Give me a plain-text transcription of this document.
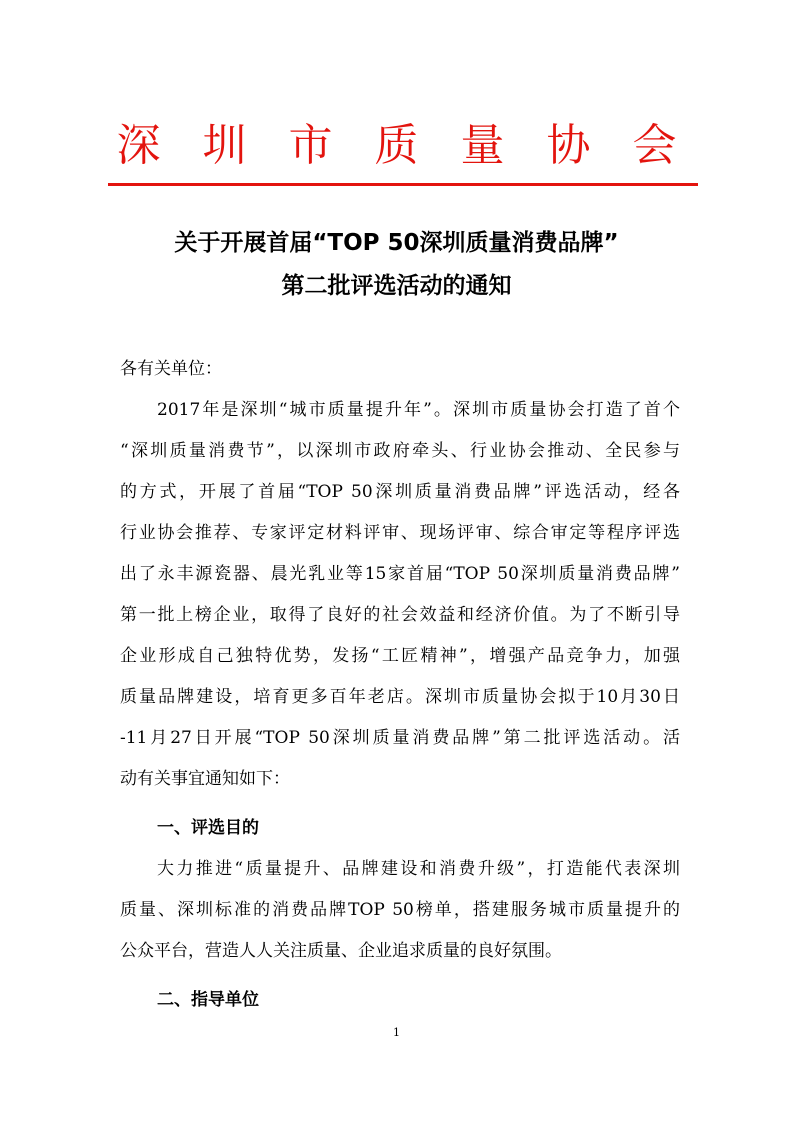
深 圳 市 质 量 协 会
关于开展首届“TOP 50深圳质量消费品牌”
第二批评选活动的通知
各有关单位：
2017年是深圳“城市质量提升年”。深圳市质量协会打造了首个
“深圳质量消费节”，以深圳市政府牵头、行业协会推动、全民参与
的方式，开展了首届“TOP 50深圳质量消费品牌”评选活动，经各
行业协会推荐、专家评定材料评审、现场评审、综合审定等程序评选
出了永丰源瓷器、晨光乳业等15家首届“TOP 50深圳质量消费品牌”
第一批上榜企业，取得了良好的社会效益和经济价值。为了不断引导
企业形成自己独特优势，发扬“工匠精神”，增强产品竞争力，加强
质量品牌建设，培育更多百年老店。深圳市质量协会拟于10月30日
-11月27日开展“TOP 50深圳质量消费品牌”第二批评选活动。活
动有关事宜通知如下：
一、评选目的
大力推进“质量提升、品牌建设和消费升级”，打造能代表深圳
质量、深圳标准的消费品牌TOP 50榜单，搭建服务城市质量提升的
公众平台，营造人人关注质量、企业追求质量的良好氛围。
二、指导单位
1
